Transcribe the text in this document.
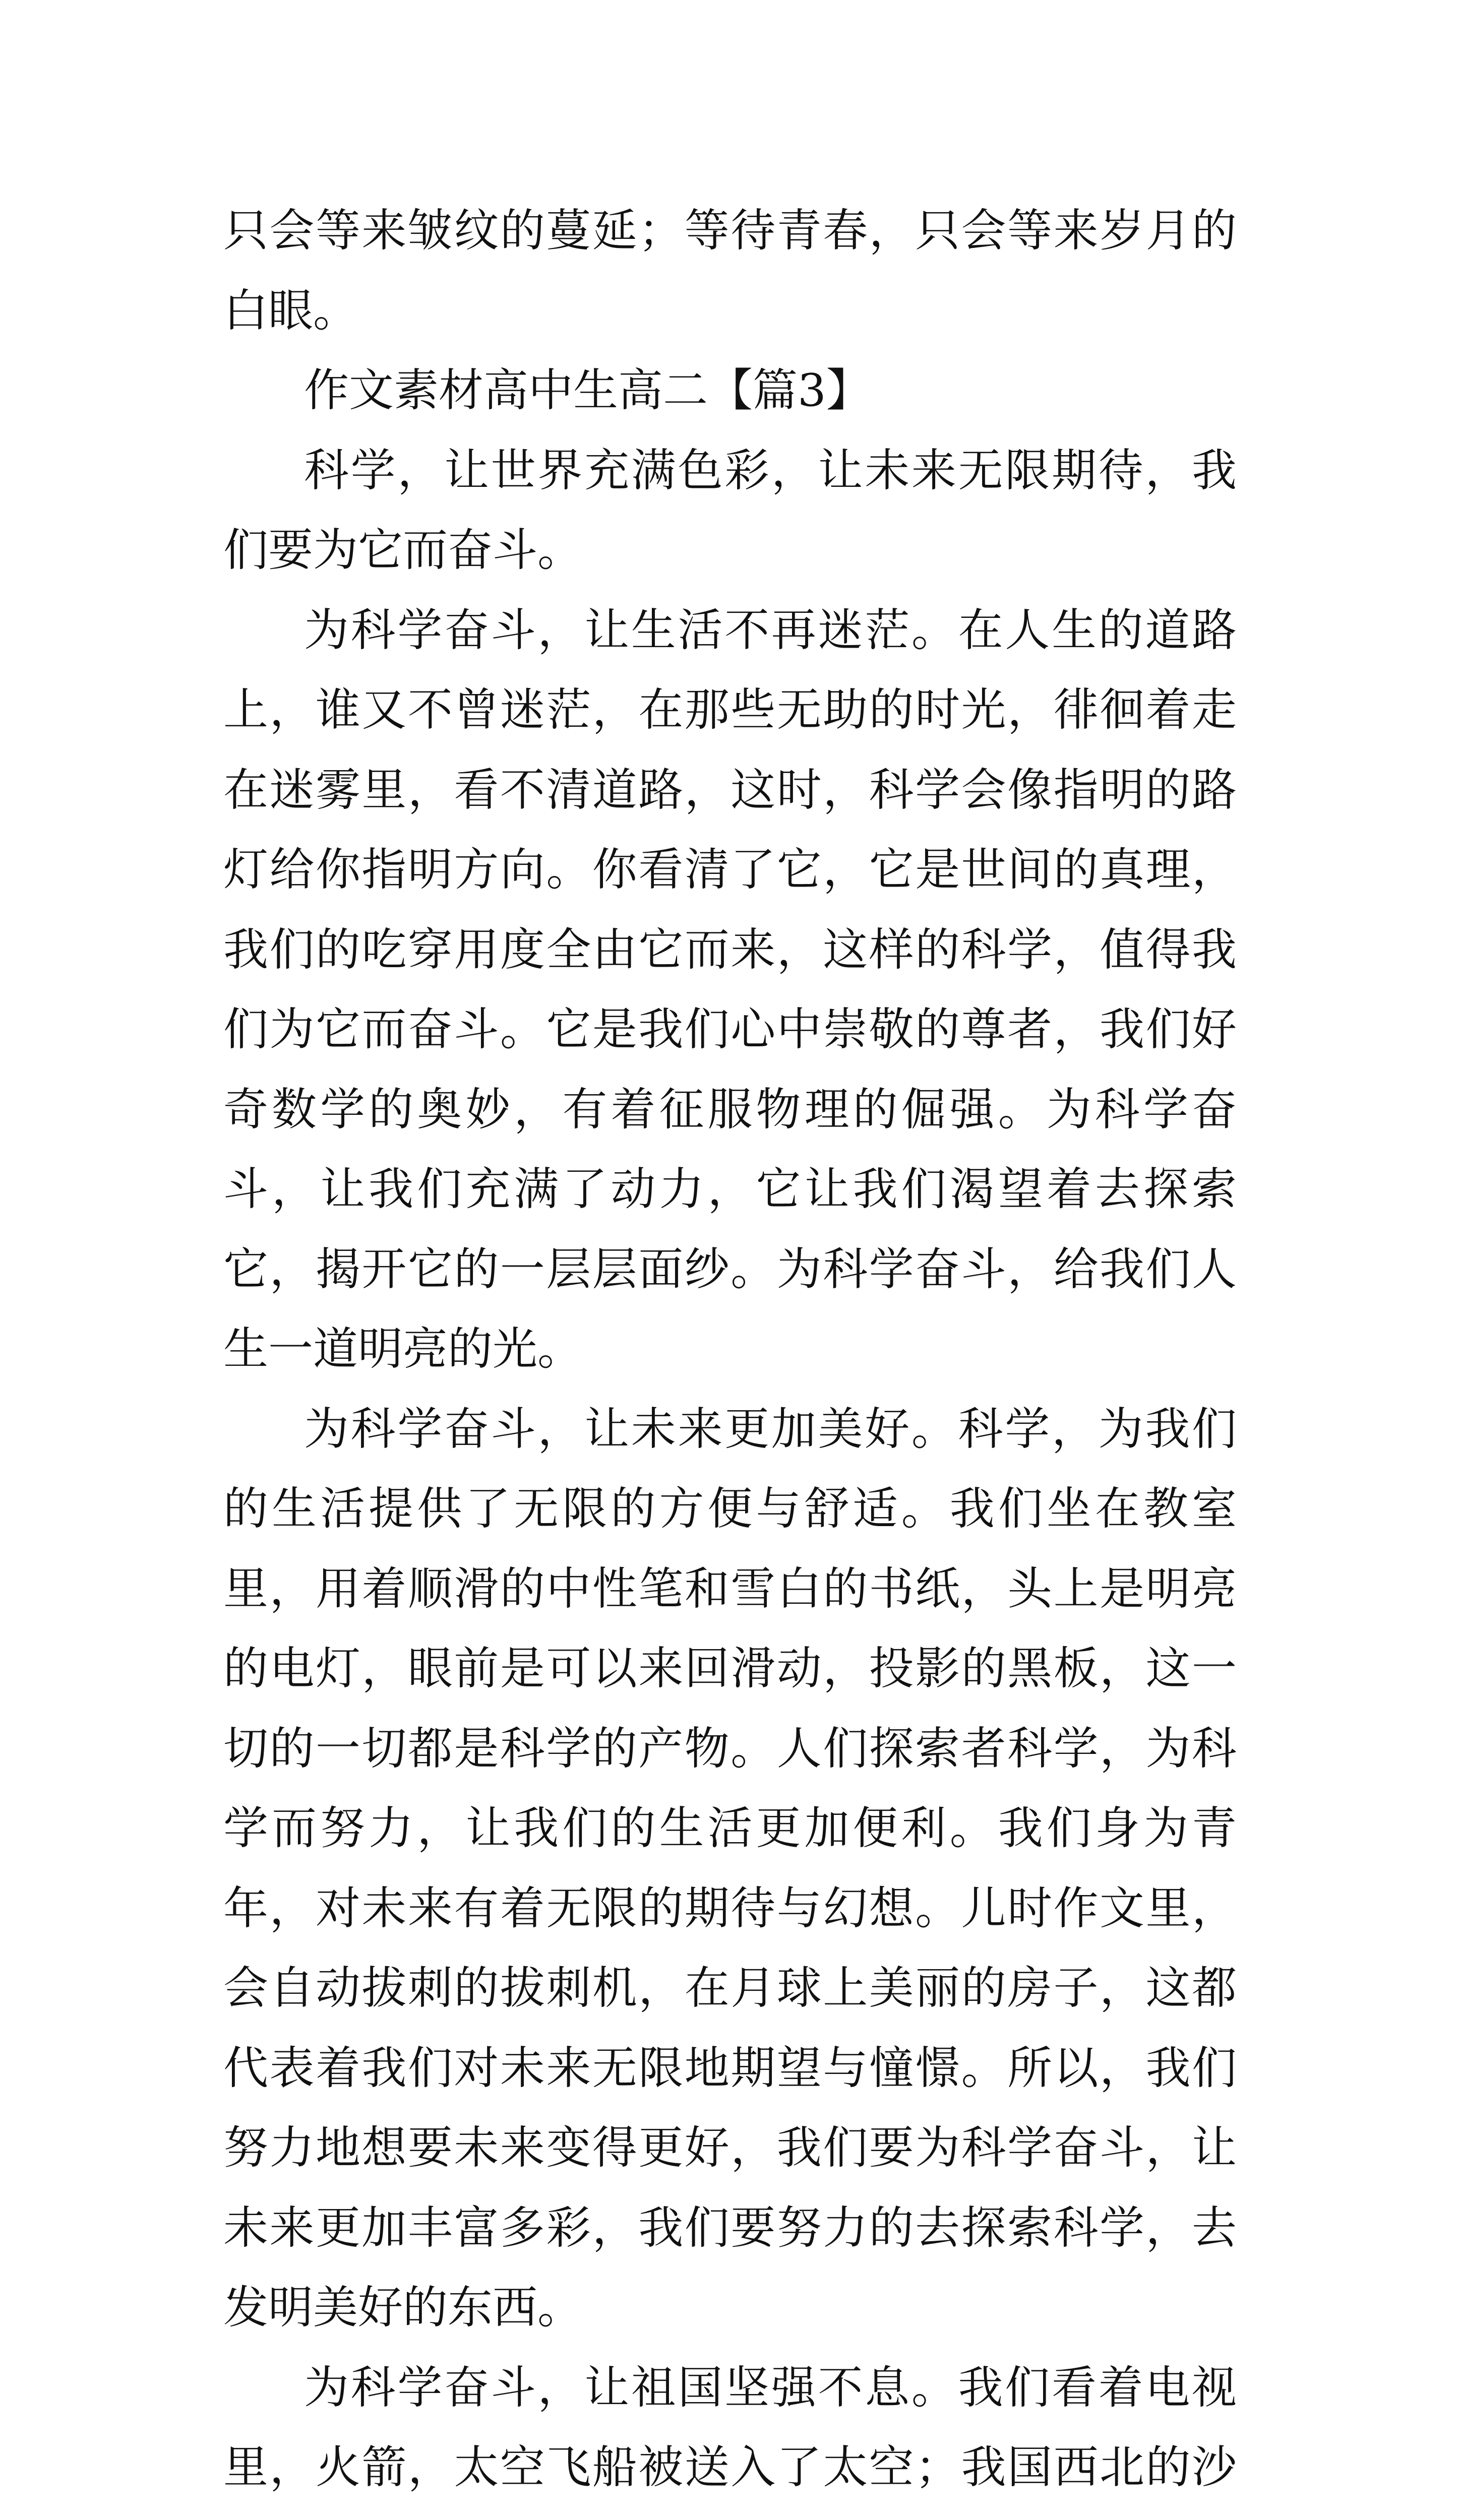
只会等来皱纹的蔓延；等待青春，只会等来岁月的白眼。

作文素材高中生高二【篇3】

科学，让世界充满色彩，让未来无限期待，我们要为它而奋斗。

为科学奋斗，让生活不再迷茫。在人生的道路上，谁又不曾迷茫，在那些无助的时光，徘徊着走在迷雾里，看不清道路，这时，科学会像指明的路灯给你指明方向。你看清了它，它是世间的真理，我们的吃穿用度全由它而来，这样的科学，值得我们为它而奋斗。它是我们心中崇敬的尊者，我们好奇数学的奥妙，有着征服物理的倔强。为科学奋斗，让我们充满了动力，它让我们渴望着去探索它，揭开它的一层层面纱。为科学奋斗，给我们人生一道明亮的光。

为科学奋斗，让未来更加美好。科学，为我们的生活提供了无限的方便与舒适。我们坐在教室里，用着顺滑的中性笔和雪白的书纸，头上是明亮的电灯，眼前是可以来回滑动，投影的黑板，这一切的一切都是科学的产物。人们探索者科学，为科学而努力，让我们的生活更加便利。我们身为青年，对未来有着无限的期待与幻想。儿时作文里，会自动拔刺的拔刺机，在月球上美丽的房子，这都代表着我们对未来无限地期望与憧憬。所以，我们努力地想要未来变得更好，我们要为科学奋斗，让未来更加丰富多彩，我们要努力的去探索科学，去发明美好的东西。

为科学奋斗，让祖国坚强不息。我们看着电视里，火箭，太空飞船被送入了太空；我国西北的沙
